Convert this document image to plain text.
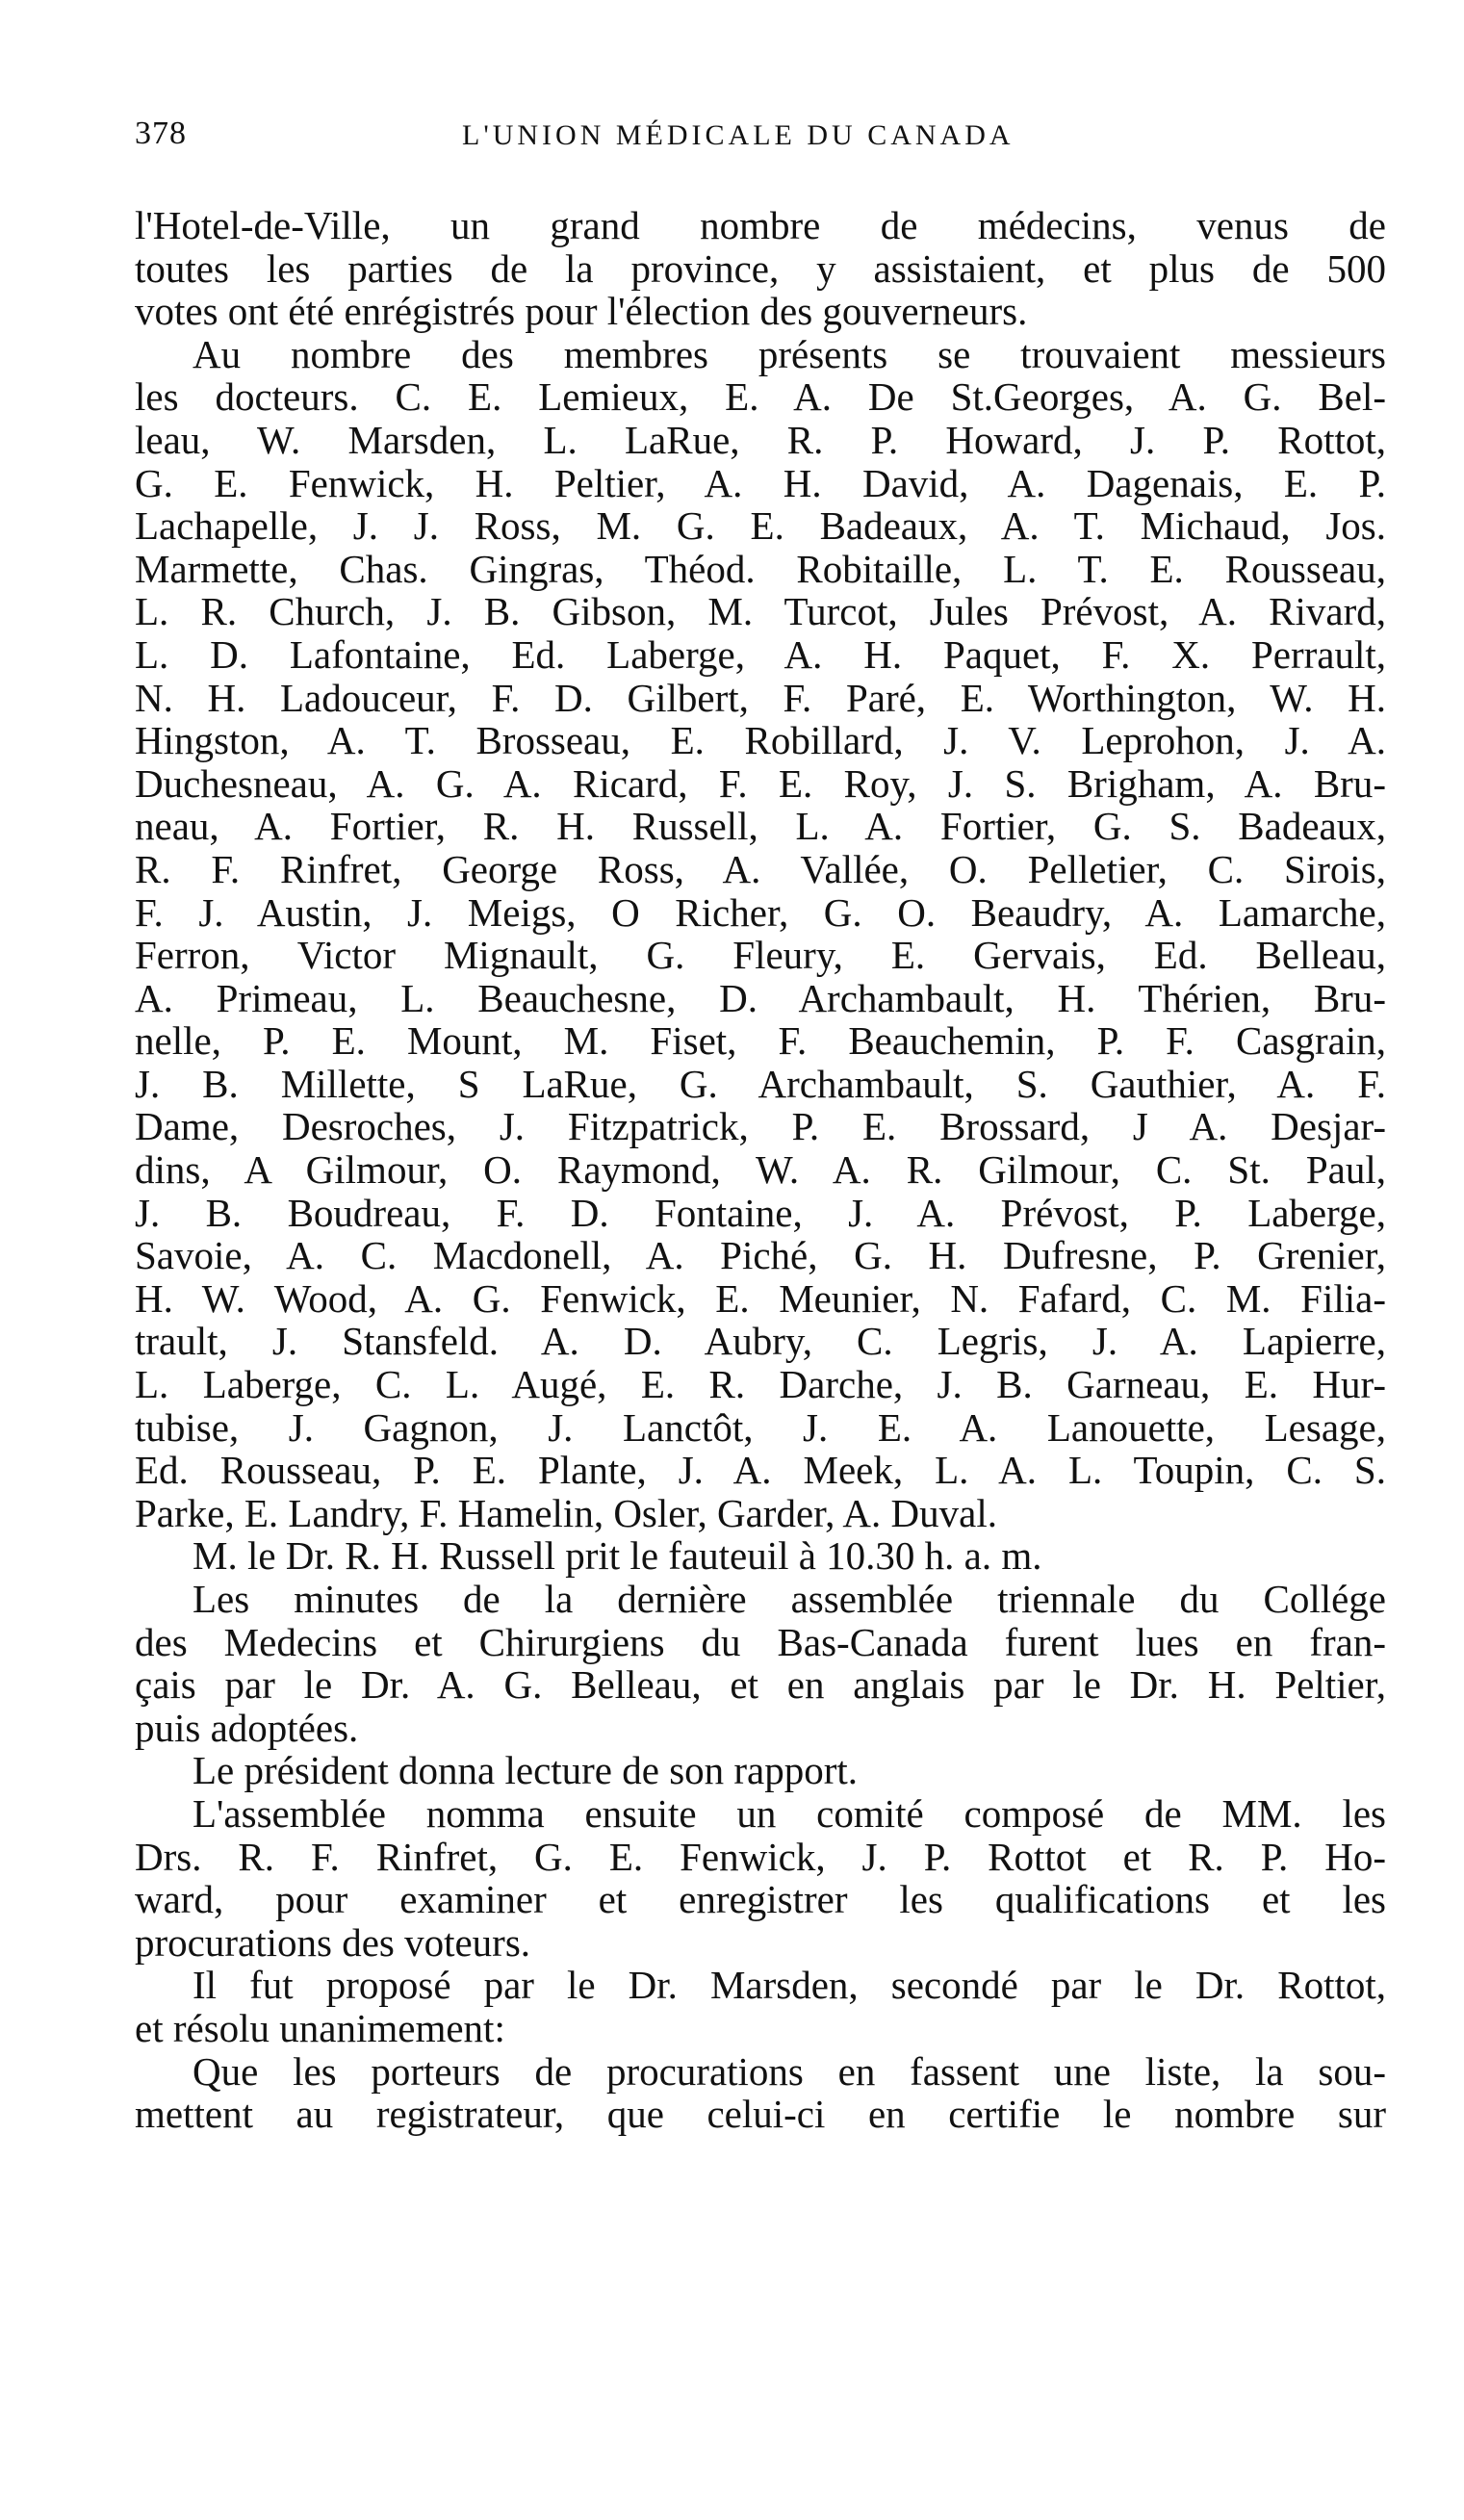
378	L'UNION MÉDICALE DU CANADA
l'Hotel-de-Ville, un grand nombre de médecins, venus de
toutes les parties de la province, y assistaient, et plus de 500
votes ont été enrégistrés pour l'élection des gouverneurs.
Au nombre des membres présents se trouvaient messieurs
les docteurs. C. E. Lemieux, E. A. De St.Georges, A. G. Bel-
leau, W. Marsden, L. LaRue, R. P. Howard, J. P. Rottot,
G. E. Fenwick, H. Peltier, A. H. David, A. Dagenais, E. P.
Lachapelle, J. J. Ross, M. G. E. Badeaux, A. T. Michaud, Jos.
Marmette, Chas. Gingras, Théod. Robitaille, L. T. E. Rousseau,
L. R. Church, J. B. Gibson, M. Turcot, Jules Prévost, A. Rivard,
L. D. Lafontaine, Ed. Laberge, A. H. Paquet, F. X. Perrault,
N. H. Ladouceur, F. D. Gilbert, F. Paré, E. Worthington, W. H.
Hingston, A. T. Brosseau, E. Robillard, J. V. Leprohon, J. A.
Duchesneau, A. G. A. Ricard, F. E. Roy, J. S. Brigham, A. Bru-
neau, A. Fortier, R. H. Russell, L. A. Fortier, G. S. Badeaux,
R. F. Rinfret, George Ross, A. Vallée, O. Pelletier, C. Sirois,
F. J. Austin, J. Meigs, O Richer, G. O. Beaudry, A. Lamarche,
Ferron, Victor Mignault, G. Fleury, E. Gervais, Ed. Belleau,
A. Primeau, L. Beauchesne, D. Archambault, H. Thérien, Bru-
nelle, P. E. Mount, M. Fiset, F. Beauchemin, P. F. Casgrain,
J. B. Millette, S LaRue, G. Archambault, S. Gauthier, A. F.
Dame, Desroches, J. Fitzpatrick, P. E. Brossard, J A. Desjar-
dins, A Gilmour, O. Raymond, W. A. R. Gilmour, C. St. Paul,
J. B. Boudreau, F. D. Fontaine, J. A. Prévost, P. Laberge,
Savoie, A. C. Macdonell, A. Piché, G. H. Dufresne, P. Grenier,
H. W. Wood, A. G. Fenwick, E. Meunier, N. Fafard, C. M. Filia-
trault, J. Stansfeld. A. D. Aubry, C. Legris, J. A. Lapierre,
L. Laberge, C. L. Augé, E. R. Darche, J. B. Garneau, E. Hur-
tubise, J. Gagnon, J. Lanctôt, J. E. A. Lanouette, Lesage,
Ed. Rousseau, P. E. Plante, J. A. Meek, L. A. L. Toupin, C. S.
Parke, E. Landry, F. Hamelin, Osler, Garder, A. Duval.
M. le Dr. R. H. Russell prit le fauteuil à 10.30 h. a. m.
Les minutes de la dernière assemblée triennale du Collége
des Medecins et Chirurgiens du Bas-Canada furent lues en fran-
çais par le Dr. A. G. Belleau, et en anglais par le Dr. H. Peltier,
puis adoptées.
Le président donna lecture de son rapport.
L'assemblée nomma ensuite un comité composé de MM. les
Drs. R. F. Rinfret, G. E. Fenwick, J. P. Rottot et R. P. Ho-
ward, pour examiner et enregistrer les qualifications et les
procurations des voteurs.
Il fut proposé par le Dr. Marsden, secondé par le Dr. Rottot,
et résolu unanimement:
Que les porteurs de procurations en fassent une liste, la sou-
mettent au registrateur, que celui-ci en certifie le nombre sur
